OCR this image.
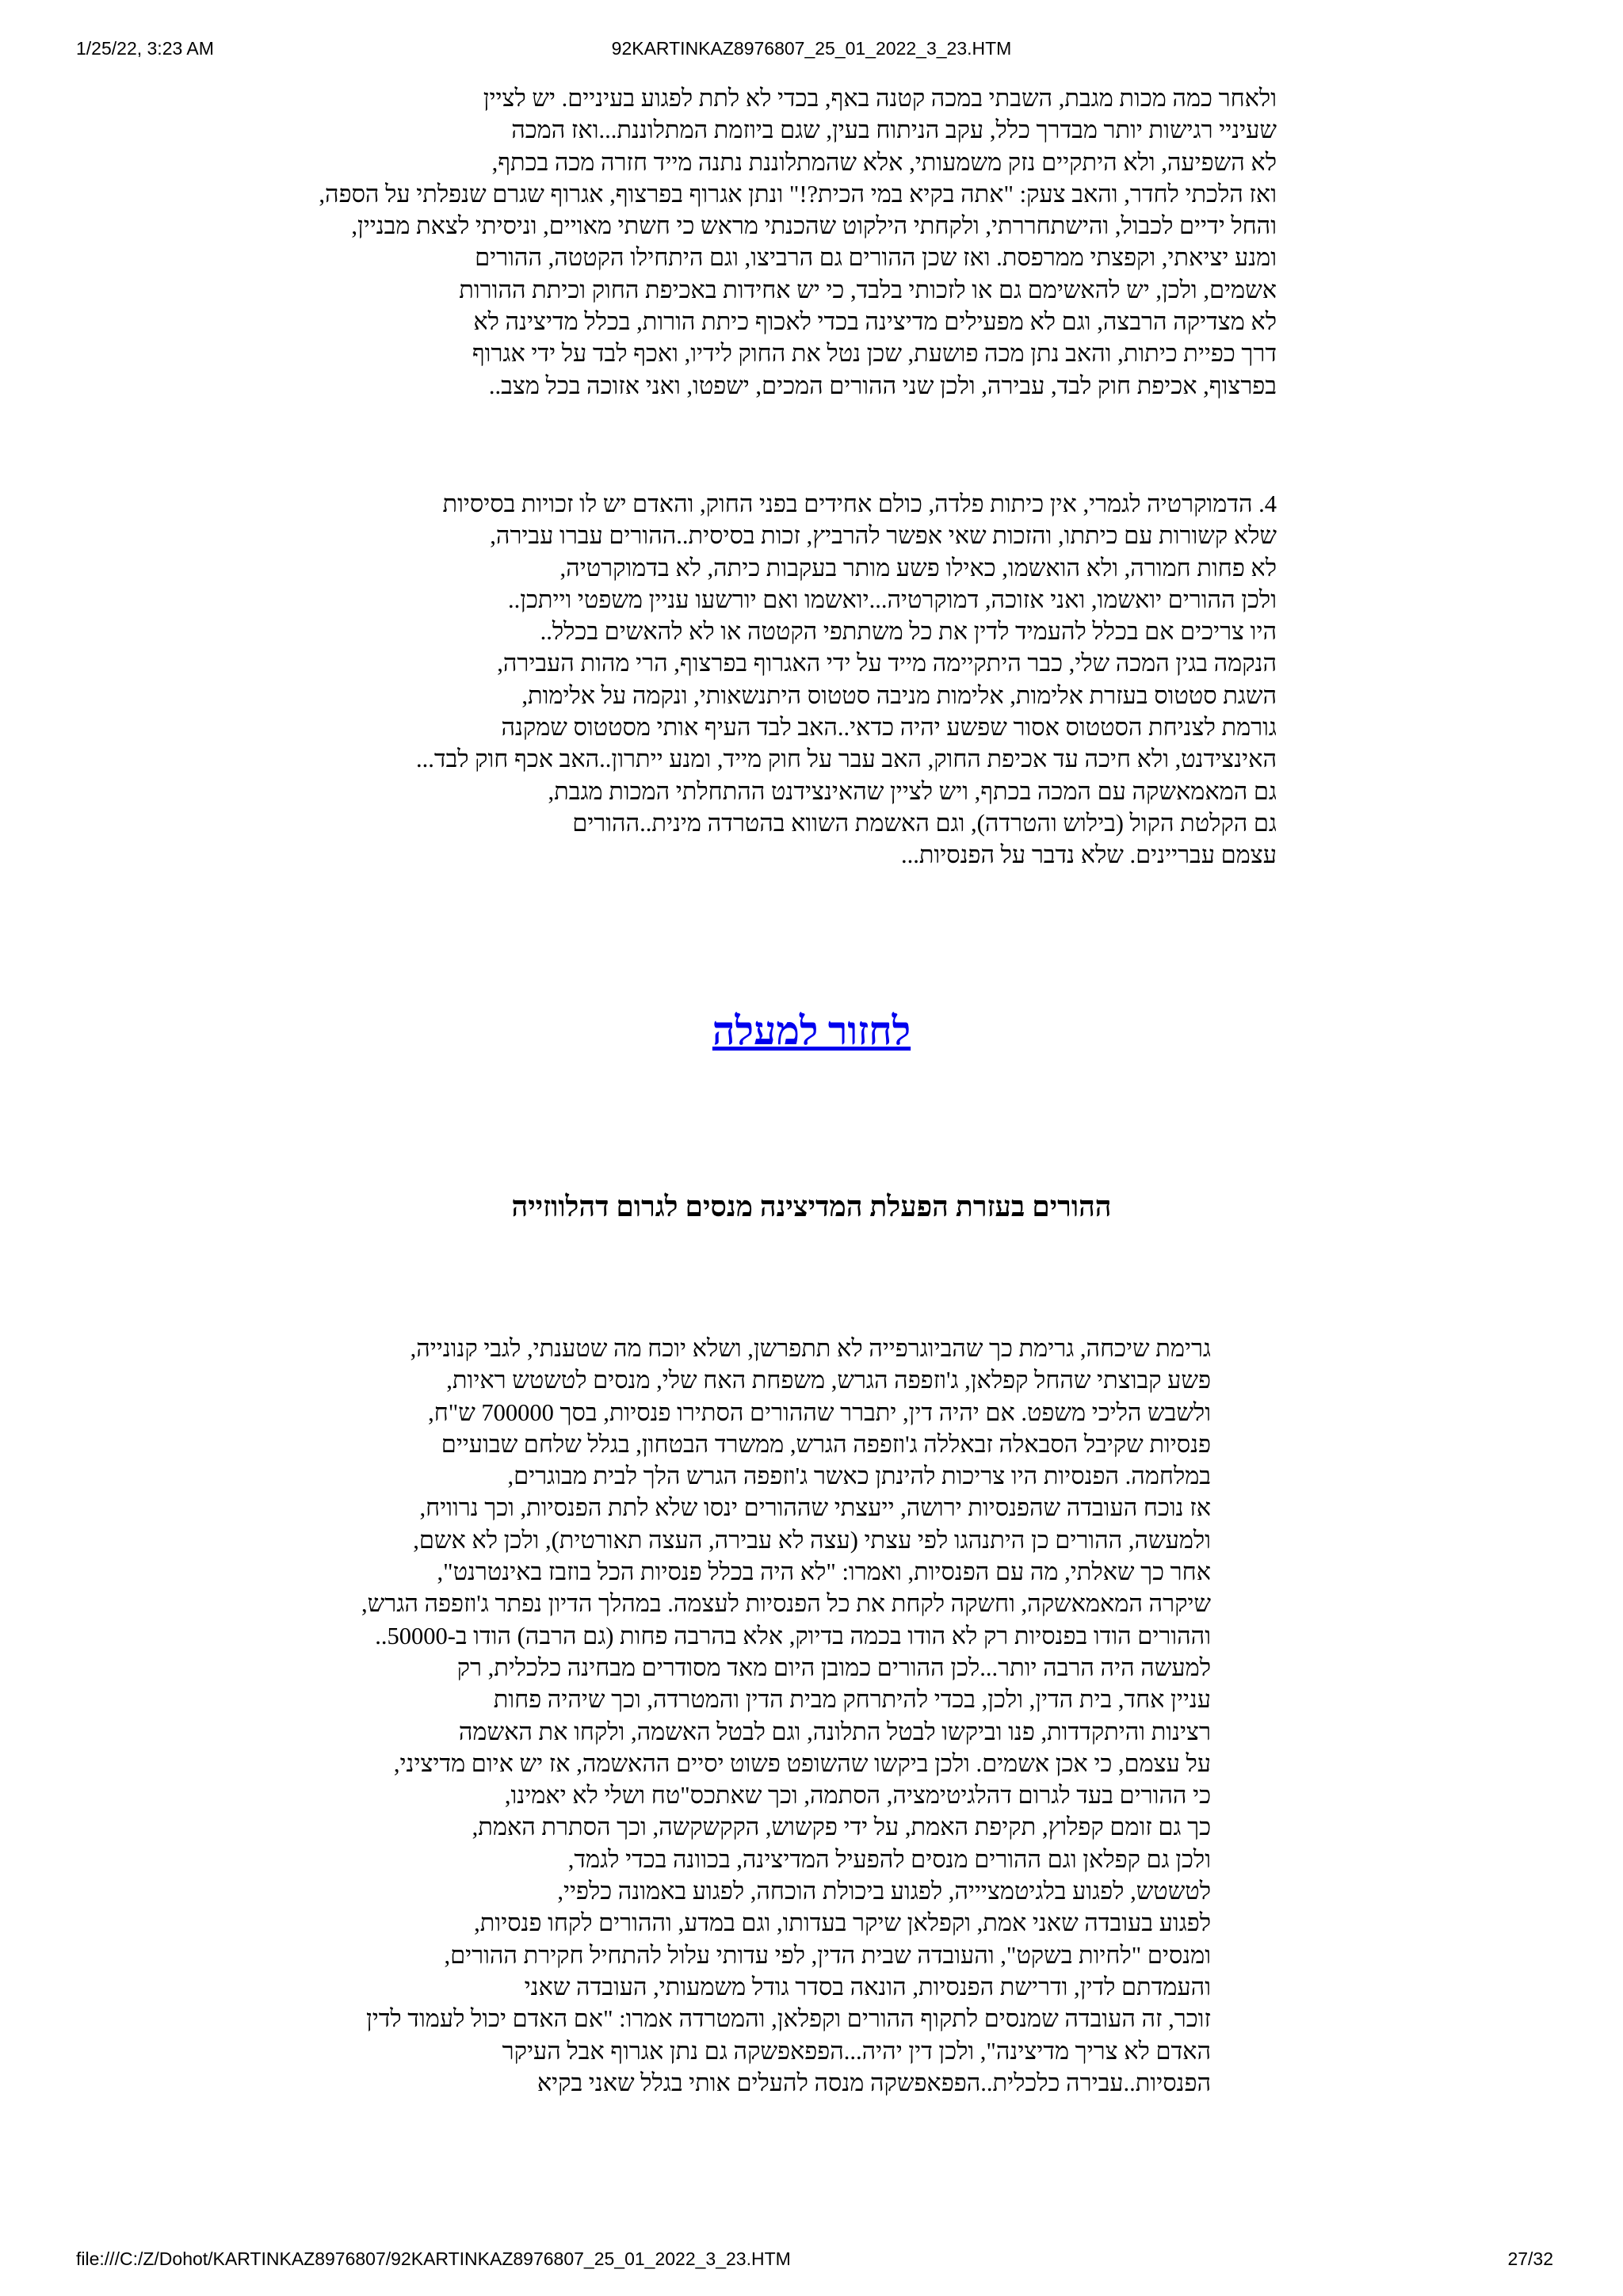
1/25/22, 3:23 AM	92KARTINKAZ8976807_25_01_2022_3_23.HTM
ולאחר כמה מכות מגבת, השבתי במכה קטנה באף, בכדי לא לתת לפגוע בעיניים. יש לציין
שעיניי רגישות יותר מבדרך כלל, עקב הניתוח בעין, שגם ביוזמת המתלוננת...ואז המכה
לא השפיעה, ולא היתקיים נזק משמעותי, אלא שהמתלוננת נתנה מייד חזרה מכה בכתף,
ואז הלכתי לחדר, והאב צעק: "אתה בקיא במי הכית?!" ונתן אגרוף בפרצוף, אגרוף שגרם שנפלתי על הספה,
והחל ידיים לכבול, והישתחררתי, ולקחתי הילקוט שהכנתי מראש כי חשתי מאויים, וניסיתי לצאת מבניין,
ומנע יציאתי, וקפצתי ממרפסת. ואז שכן ההורים גם הרביצו, וגם היתחילו הקטטה, ההורים
אשמים, ולכן, יש להאשימם גם או לזכותי בלבד, כי יש אחידות באכיפת החוק וכיתת ההורות
לא מצדיקה הרבצה, וגם לא מפעילים מדיצינה בכדי לאכוף כיתת הורות, בכלל מדיצינה לא
דרך כפיית כיתות, והאב נתן מכה פושעת, שכן נטל את החוק לידיו, ואכף לבד על ידי אגרוף
בפרצוף, אכיפת חוק לבד, עבירה, ולכן שני ההורים המכים, ישפטו, ואני אזוכה בכל מצב..
4. הדמוקרטיה לגמרי, אין כיתות פלדה, כולם אחידים בפני החוק, והאדם יש לו זכויות בסיסיות
שלא קשורות עם כיתתו, והזכות שאי אפשר להרביץ, זכות בסיסית..ההורים עברו עבירה,
לא פחות חמורה, ולא הואשמו, כאילו פשע מותר בעקבות כיתה, לא בדמוקרטיה,
ולכן ההורים יואשמו, ואני אזוכה, דמוקרטיה...יואשמו ואם יורשעו עניין משפטי וייתכן..
היו צריכים אם בכלל להעמיד לדין את כל משתתפי הקטטה או לא להאשים בכלל..
הנקמה בגין המכה שלי, כבר היתקיימה מייד על ידי האגרוף בפרצוף, הרי מהות העבירה,
השגת סטטוס בעזרת אלימות, אלימות מניבה סטטוס היתנשאותי, ונקמה על אלימות,
גורמת לצניחת הסטטוס אסור שפשע יהיה כדאי..האב לבד העיף אותי מסטטוס שמקנה
האינצידנט, ולא חיכה עד אכיפת החוק, האב עבר על חוק מייד, ומנע ייתרון..האב אכף חוק לבד...
גם המאמאשקה עם המכה בכתף, ויש לציין שהאינצידנט ההתחלתי המכות מגבת,
גם הקלטת הקול (בילוש והטרדה), וגם האשמת השווא בהטרדה מינית..ההורים
עצמם עבריינים. שלא נדבר על הפנסיות...
לחזור למעלה
ההורים בעזרת הפעלת המדיצינה מנסים לגרום דהלווזייה
גרימת שיכחה, גרימת כך שהביוגרפייה לא תתפרשן, ושלא יוכח מה שטענתי, לגבי קנונייה,
פשע קבוצתי שהחל קפלאן, ג'וזפפה הגרש, משפחת האח שלי, מנסים לטשטש ראיות,
ולשבש הליכי משפט. אם יהיה דין, יתברר שההורים הסתירו פנסיות, בסך 700000 ש"ח,
פנסיות שקיבל הסבאלה זבאללה ג'וזפפה הגרש, ממשרד הבטחון, בגלל שלחם שבועיים
במלחמה. הפנסיות היו צריכות להינתן כאשר ג'וזפפה הגרש הלך לבית מבוגרים,
אז נוכח העובדה שהפנסיות ירושה, ייעצתי שההורים ינסו שלא לתת הפנסיות, וכך נרוויח,
ולמעשה, ההורים כן היתנהגו לפי עצתי (עצה לא עבירה, העצה תאורטית), ולכן לא אשם,
אחר כך שאלתי, מה עם הפנסיות, ואמרו: "לא היה בכלל פנסיות הכל בוזבז באינטרנט",
שיקרה המאמאשקה, וחשקה לקחת את כל הפנסיות לעצמה. במהלך הדיון נפתר ג'וזפפה הגרש,
וההורים הודו בפנסיות רק לא הודו בכמה בדיוק, אלא בהרבה פחות (גם הרבה) הודו ב-50000..
למעשה היה הרבה יותר...לכן ההורים כמובן היום מאד מסודרים מבחינה כלכלית, רק
עניין אחד, בית הדין, ולכן, בכדי להיתרחק מבית הדין והמטרדה, וכך שיהיה פחות
רצינות והיתקדדות, פנו וביקשו לבטל התלונה, וגם לבטל האשמה, ולקחו את האשמה
על עצמם, כי אכן אשמים. ולכן ביקשו שהשופט פשוט יסיים ההאשמה, אז יש איום מדיציני,
כי ההורים בעד לגרום דהלגיטימציה, הסתמה, וכך שאתכס"טח ושלי לא יאמינו,
כך גם זומם קפלוץ, תקיפת האמת, על ידי פקשוש, הקקשקשה, וכך הסתרת האמת,
ולכן גם קפלאן וגם ההורים מנסים להפעיל המדיצינה, בכוונה בכדי לגמד,
לטשטש, לפגוע בלגיטמציייה, לפגוע ביכולת הוכחה, לפגוע באמונה כלפיי,
לפגוע בעובדה שאני אמת, וקפלאן שיקר בעדותו, וגם במדע, וההורים לקחו פנסיות,
ומנסים "לחיות בשקט", והעובדה שבית הדין, לפי עדותי עלול להתחיל חקירת ההורים,
והעמדתם לדין, ודרישת הפנסיות, הונאה בסדר גודל משמעותי, העובדה שאני
זוכר, זה העובדה שמנסים לתקוף ההורים וקפלאן, והמטרדה אמרו: "אם האדם יכול לעמוד לדין
האדם לא צריך מדיצינה", ולכן דין יהיה...הפפאפשקה גם נתן אגרוף אבל העיקר
הפנסיות..עבירה כלכלית..הפפאפשקה מנסה להעלים אותי בגלל שאני בקיא
file:///C:/Z/Dohot/KARTINKAZ8976807/92KARTINKAZ8976807_25_01_2022_3_23.HTM	27/32
